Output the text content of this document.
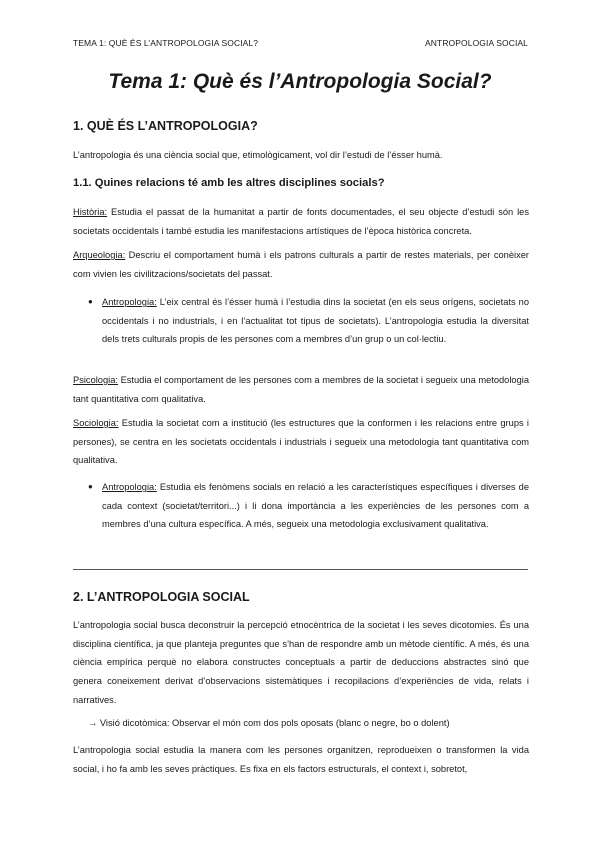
TEMA 1: QUÈ ÉS L’ANTROPOLOGIA SOCIAL?	ANTROPOLOGIA SOCIAL
Tema 1: Què és l’Antropologia Social?
1. QUÈ ÉS L’ANTROPOLOGIA?

L’antropologia és una ciència social que, etimològicament, vol dir l’estudi de l’ésser humà.

1.1. Quines relacions té amb les altres disciplines socials?

Història: Estudia el passat de la humanitat a partir de fonts documentades, el seu objecte d’estudi són les societats occidentals i també estudia les manifestacions artístiques de l’època històrica concreta.

Arqueologia: Descriu el comportament humà i els patrons culturals a partir de restes materials, per conèixer com vivien les civilitzacions/societats del passat.

● Antropologia: L’eix central és l’ésser humà i l’estudia dins la societat (en els seus orígens, societats no occidentals i no industrials, i en l’actualitat tot tipus de societats). L’antropologia estudia la diversitat dels trets culturals propis de les persones com a membres d’un grup o un col·lectiu.

Psicologia: Estudia el comportament de les persones com a membres de la societat i segueix una metodologia tant quantitativa com qualitativa.

Sociologia: Estudia la societat com a institució (les estructures que la conformen i les relacions entre grups i persones), se centra en les societats occidentals i industrials i segueix una metodologia tant quantitativa com qualitativa.

● Antropologia: Estudia els fenòmens socials en relació a les característiques específiques i diverses de cada context (societat/territori...) i li dona importància a les experiències de les persones com a membres d’una cultura específica. A més, segueix una metodologia exclusivament qualitativa.

2. L’ANTROPOLOGIA SOCIAL

L’antropologia social busca deconstruir la percepció etnocèntrica de la societat i les seves dicotomies. És una disciplina científica, ja que planteja preguntes que s’han de respondre amb un mètode científic. A més, és una ciència empírica perquè no elabora constructes conceptuals a partir de deduccions abstractes sinó que genera coneixement derivat d’observacions sistemàtiques i recopilacions d’experiències de vida, relats i narratives.

→ Visió dicotòmica: Observar el món com dos pols oposats (blanc o negre, bo o dolent)

L’antropologia social estudia la manera com les persones organitzen, reprodueixen o transformen la vida social, i ho fa amb les seves pràctiques. Es fixa en els factors estructurals, el context i, sobretot,
